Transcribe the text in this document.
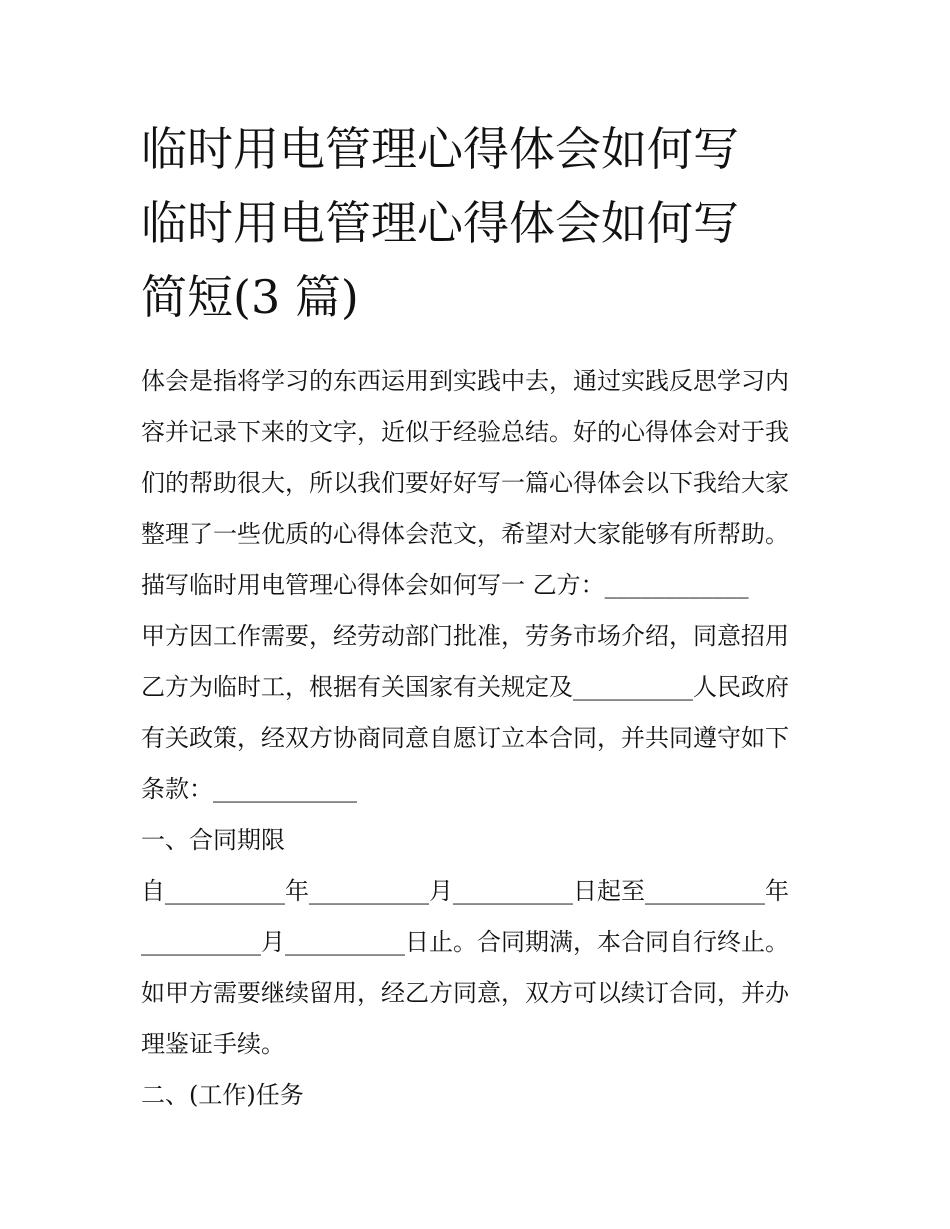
临时用电管理心得体会如何写
临时用电管理心得体会如何写
简短(3 篇)
体会是指将学习的东西运用到实践中去，通过实践反思学习内
容并记录下来的文字，近似于经验总结。好的心得体会对于我
们的帮助很大，所以我们要好好写一篇心得体会以下我给大家
整理了一些优质的心得体会范文，希望对大家能够有所帮助。
描写临时用电管理心得体会如何写一 乙方：____________
甲方因工作需要，经劳动部门批准，劳务市场介绍，同意招用
乙方为临时工，根据有关国家有关规定及__________人民政府
有关政策，经双方协商同意自愿订立本合同，并共同遵守如下
条款：____________
一、合同期限
自__________年__________月__________日起至__________年
__________月__________日止。合同期满，本合同自行终止。
如甲方需要继续留用，经乙方同意，双方可以续订合同，并办
理鉴证手续。
二、(工作)任务
